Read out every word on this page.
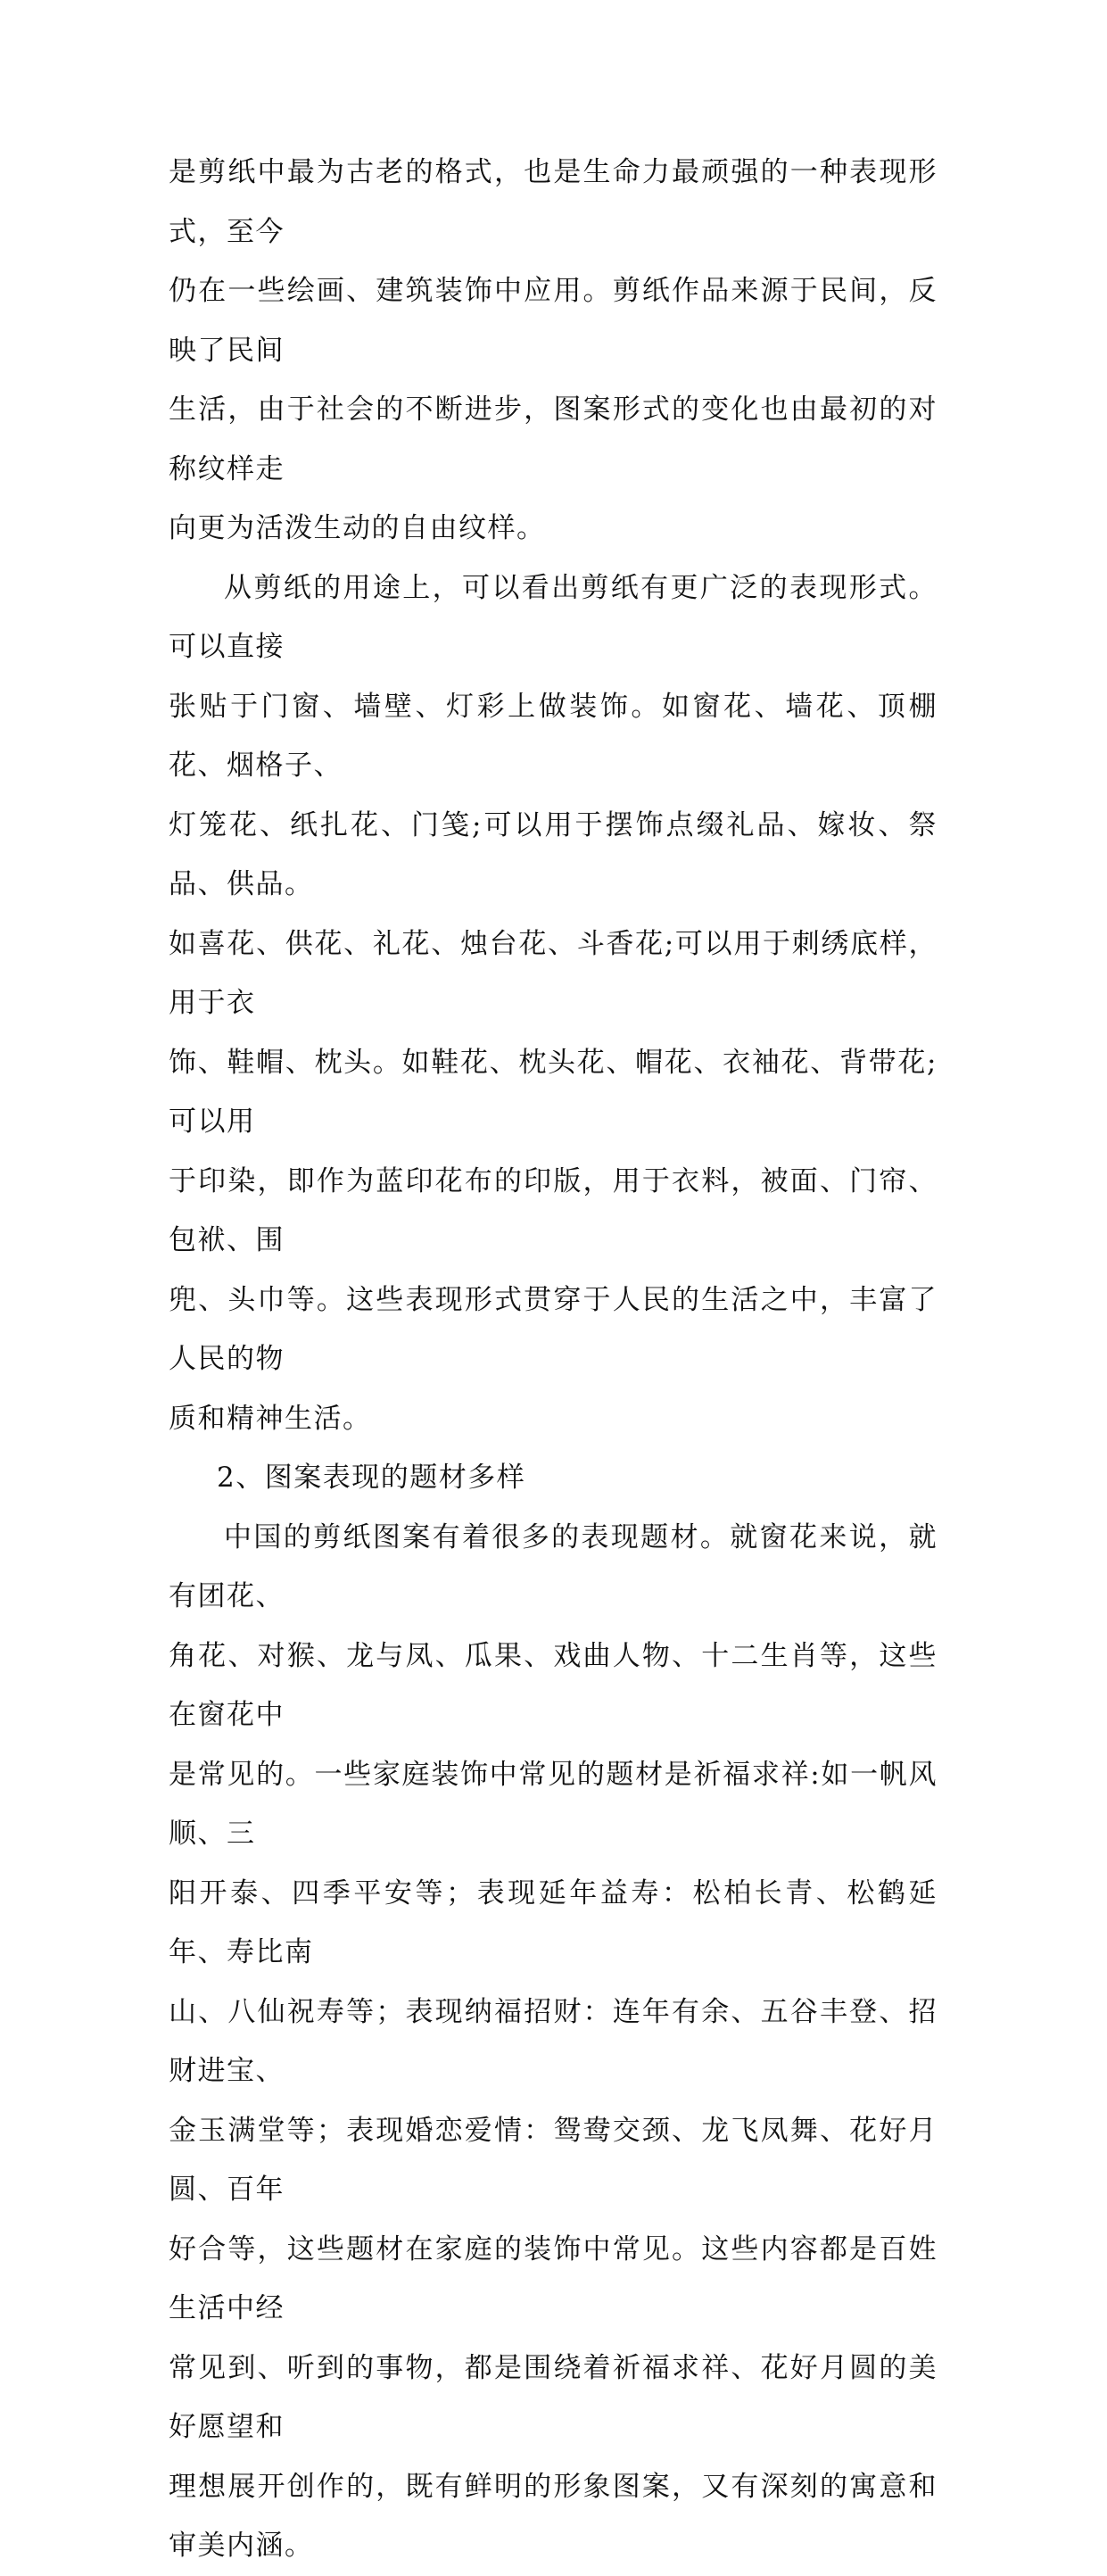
是剪纸中最为古老的格式，也是生命力最顽强的一种表现形式，至今
仍在一些绘画、建筑装饰中应用。剪纸作品来源于民间，反映了民间
生活，由于社会的不断进步，图案形式的变化也由最初的对称纹样走
向更为活泼生动的自由纹样。

从剪纸的用途上，可以看出剪纸有更广泛的表现形式。可以直接
张贴于门窗、墙壁、灯彩上做装饰。如窗花、墙花、顶棚花、烟格子、
灯笼花、纸扎花、门笺;可以用于摆饰点缀礼品、嫁妆、祭品、供品。
如喜花、供花、礼花、烛台花、斗香花;可以用于刺绣底样，用于衣
饰、鞋帽、枕头。如鞋花、枕头花、帽花、衣袖花、背带花;可以用
于印染，即作为蓝印花布的印版，用于衣料，被面、门帘、包袱、围
兜、头巾等。这些表现形式贯穿于人民的生活之中，丰富了人民的物
质和精神生活。

2、图案表现的题材多样

中国的剪纸图案有着很多的表现题材。就窗花来说，就有团花、
角花、对猴、龙与凤、瓜果、戏曲人物、十二生肖等，这些在窗花中
是常见的。一些家庭装饰中常见的题材是祈福求祥:如一帆风顺、三
阳开泰、四季平安等；表现延年益寿：松柏长青、松鹤延年、寿比南
山、八仙祝寿等；表现纳福招财：连年有余、五谷丰登、招财进宝、
金玉满堂等；表现婚恋爱情：鸳鸯交颈、龙飞凤舞、花好月圆、百年
好合等，这些题材在家庭的装饰中常见。这些内容都是百姓生活中经
常见到、听到的事物，都是围绕着祈福求祥、花好月圆的美好愿望和
理想展开创作的，既有鲜明的形象图案，又有深刻的寓意和审美内涵。
